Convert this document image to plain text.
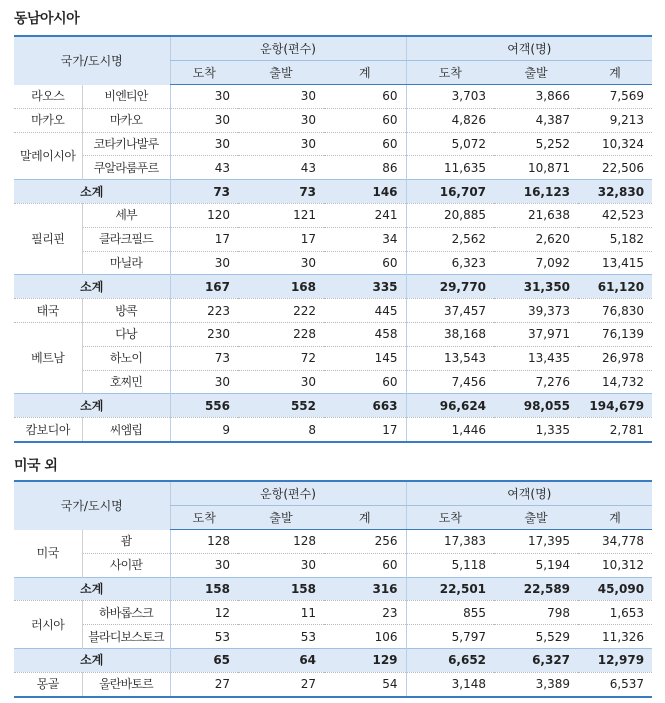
동남아시아
국가/도시명		운항(편수)			여객(명)		
		도착	출발	계	도착	출발	계
라오스	비엔티안	30	30	60	3,703	3,866	7,569
마카오	마카오	30	30	60	4,826	4,387	9,213
말레이시아	코타키나발루	30	30	60	5,072	5,252	10,324
	쿠알라룸푸르	43	43	86	11,635	10,871	22,506
소계		73	73	146	16,707	16,123	32,830
필리핀	세부	120	121	241	20,885	21,638	42,523
	클라크필드	17	17	34	2,562	2,620	5,182
	마닐라	30	30	60	6,323	7,092	13,415
소계		167	168	335	29,770	31,350	61,120
태국	방콕	223	222	445	37,457	39,373	76,830
베트남	다낭	230	228	458	38,168	37,971	76,139
	하노이	73	72	145	13,543	13,435	26,978
	호찌민	30	30	60	7,456	7,276	14,732
소계		556	552	663	96,624	98,055	194,679
캄보디아	씨엠립	9	8	17	1,446	1,335	2,781
미국 외
국가/도시명		운항(편수)			여객(명)		
		도착	출발	계	도착	출발	계
미국	괌	128	128	256	17,383	17,395	34,778
	사이판	30	30	60	5,118	5,194	10,312
소계		158	158	316	22,501	22,589	45,090
러시아	하바롭스크	12	11	23	855	798	1,653
	블라디보스토크	53	53	106	5,797	5,529	11,326
소계		65	64	129	6,652	6,327	12,979
몽골	울란바토르	27	27	54	3,148	3,389	6,537
